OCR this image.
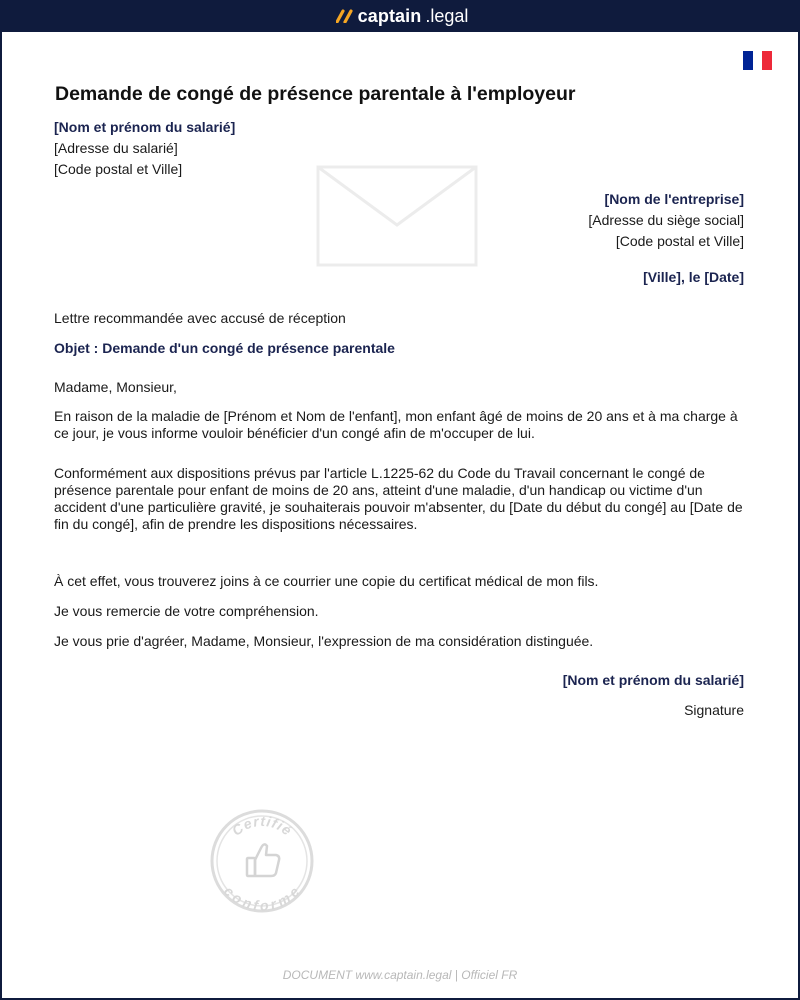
captain .legal
Demande de congé de présence parentale à l'employeur
[Nom et prénom du salarié]
[Adresse du salarié]
[Code postal et Ville]
[Nom de l'entreprise]
[Adresse du siège social]
[Code postal et Ville]
[Ville], le [Date]
Lettre recommandée avec accusé de réception
Objet : Demande d'un congé de présence parentale
Madame, Monsieur,
En raison de la maladie de [Prénom et Nom de l'enfant], mon enfant âgé de moins de 20 ans et à ma charge à ce jour, je vous informe vouloir bénéficier d'un congé afin de m'occuper de lui.
Conformément aux dispositions prévus par l'article L.1225-62 du Code du Travail concernant le congé de présence parentale pour enfant de moins de 20 ans, atteint d'une maladie, d'un handicap ou victime d'un accident d'une particulière gravité, je souhaiterais pouvoir m'absenter, du [Date du début du congé] au [Date de fin du congé], afin de prendre les dispositions nécessaires.
À cet effet, vous trouverez joins à ce courrier une copie du certificat médical de mon fils.
Je vous remercie de votre compréhension.
Je vous prie d'agréer, Madame, Monsieur, l'expression de ma considération distinguée.
[Nom et prénom du salarié]
Signature
Certifié
conforme
DOCUMENT www.captain.legal | Officiel FR
